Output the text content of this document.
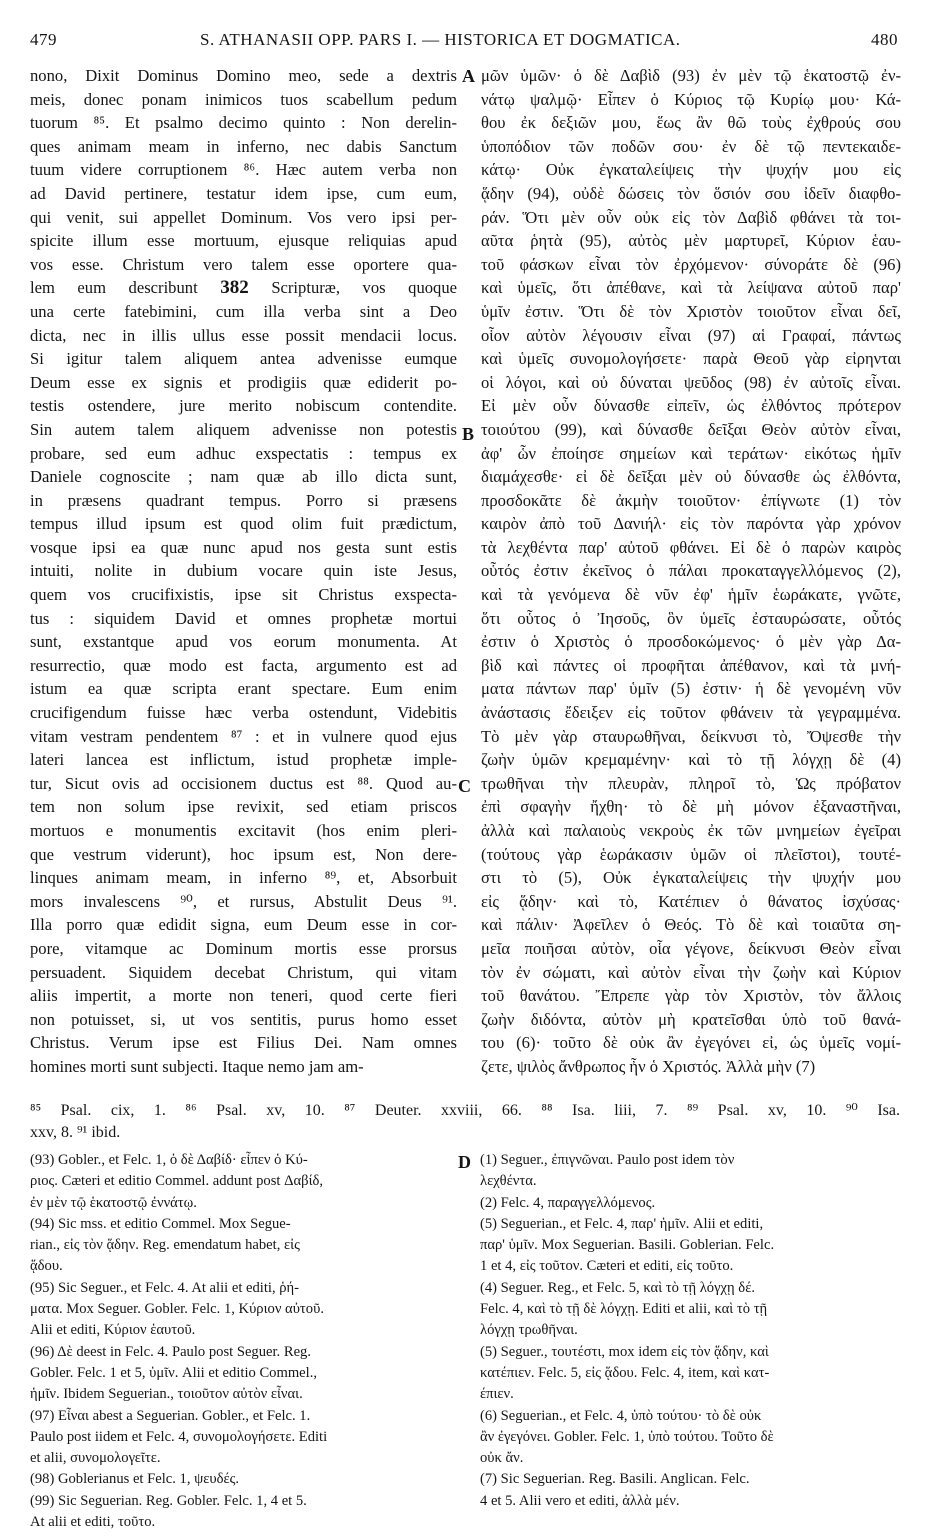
479	S. ATHANASII OPP. PARS I. — HISTORICA ET DOGMATICA.	480
nono, Dixit Dominus Domino meo, sede a dextris
meis, donec ponam inimicos tuos scabellum pedum
tuorum ⁸⁵. Et psalmo decimo quinto : Non derelin-
ques animam meam in inferno, nec dabis Sanctum
tuum videre corruptionem ⁸⁶. Hæc autem verba non
ad David pertinere, testatur idem ipse, cum eum,
qui venit, sui appellet Dominum. Vos vero ipsi per-
spicite illum esse mortuum, ejusque reliquias apud
vos esse. Christum vero talem esse oportere qua-
lem eum describunt 382 Scripturæ, vos quoque
una certe fatebimini, cum illa verba sint a Deo
dicta, nec in illis ullus esse possit mendacii locus.
Si igitur talem aliquem antea advenisse eumque
Deum esse ex signis et prodigiis quæ ediderit po-
testis ostendere, jure merito nobiscum contendite.
Sin autem talem aliquem advenisse non potestis
probare, sed eum adhuc exspectatis : tempus ex
Daniele cognoscite ; nam quæ ab illo dicta sunt,
in præsens quadrant tempus. Porro si præsens
tempus illud ipsum est quod olim fuit prædictum,
vosque ipsi ea quæ nunc apud nos gesta sunt estis
intuiti, nolite in dubium vocare quin iste Jesus,
quem vos crucifixistis, ipse sit Christus exspecta-
tus : siquidem David et omnes prophetæ mortui
sunt, exstantque apud vos eorum monumenta. At
resurrectio, quæ modo est facta, argumento est ad
istum ea quæ scripta erant spectare. Eum enim
crucifigendum fuisse hæc verba ostendunt, Videbitis
vitam vestram pendentem ⁸⁷ : et in vulnere quod ejus
lateri lancea est inflictum, istud prophetæ imple-
tur, Sicut ovis ad occisionem ductus est ⁸⁸. Quod au-
tem non solum ipse revixit, sed etiam priscos
mortuos e monumentis excitavit (hos enim pleri-
que vestrum viderunt), hoc ipsum est, Non dere-
linques animam meam, in inferno ⁸⁹, et, Absorbuit
mors invalescens ⁹⁰, et rursus, Abstulit Deus ⁹¹.
Illa porro quæ edidit signa, eum Deum esse in cor-
pore, vitamque ac Dominum mortis esse prorsus
persuadent. Siquidem decebat Christum, qui vitam
aliis impertit, a morte non teneri, quod certe fieri
non potuisset, si, ut vos sentitis, purus homo esset
Christus. Verum ipse est Filius Dei. Nam omnes
homines morti sunt subjecti. Itaque nemo jam am-
μῶν ὑμῶν· ὁ δὲ Δαβὶδ (93) ἐν μὲν τῷ ἑκατοστῷ ἐν-
νάτῳ ψαλμῷ· Εἶπεν ὁ Κύριος τῷ Κυρίῳ μου· Κά-
θου ἐκ δεξιῶν μου, ἕως ἂν θῶ τοὺς ἐχθρούς σου
ὑποπόδιον τῶν ποδῶν σου· ἐν δὲ τῷ πεντεκαιδε-
κάτῳ· Οὐκ ἐγκαταλείψεις τὴν ψυχήν μου εἰς
ᾅδην (94), οὐδὲ δώσεις τὸν ὅσιόν σου ἰδεῖν διαφθο-
ράν. Ὅτι μὲν οὖν οὐκ εἰς τὸν Δαβὶδ φθάνει τὰ τοι-
αῦτα ῥητὰ (95), αὐτὸς μὲν μαρτυρεῖ, Κύριον ἑαυ-
τοῦ φάσκων εἶναι τὸν ἐρχόμενον· σύνοράτε δὲ (96)
καὶ ὑμεῖς, ὅτι ἀπέθανε, καὶ τὰ λείψανα αὐτοῦ παρ'
ὑμῖν ἐστιν. Ὅτι δὲ τὸν Χριστὸν τοιοῦτον εἶναι δεῖ,
οἷον αὐτὸν λέγουσιν εἶναι (97) αἱ Γραφαί, πάντως
καὶ ὑμεῖς συνομολογήσετε· παρὰ Θεοῦ γὰρ εἰρηνται
οἱ λόγοι, καὶ οὐ δύναται ψεῦδος (98) ἐν αὐτοῖς εἶναι.
Εἰ μὲν οὖν δύνασθε εἰπεῖν, ὡς ἐλθόντος πρότερον
τοιούτου (99), καὶ δύνασθε δεῖξαι Θεὸν αὐτὸν εἶναι,
ἀφ' ὧν ἐποίησε σημείων καὶ τεράτων· εἰκότως ἡμῖν
διαμάχεσθε· εἰ δὲ δεῖξαι μὲν οὐ δύνασθε ὡς ἐλθόντα,
προσδοκᾶτε δὲ ἀκμὴν τοιοῦτον· ἐπίγνωτε (1) τὸν
καιρὸν ἀπὸ τοῦ Δανιήλ· εἰς τὸν παρόντα γὰρ χρόνον
τὰ λεχθέντα παρ' αὐτοῦ φθάνει. Εἰ δὲ ὁ παρὼν καιρὸς
οὗτός ἐστιν ἐκεῖνος ὁ πάλαι προκαταγγελλόμενος (2),
καὶ τὰ γενόμενα δὲ νῦν ἐφ' ἡμῖν ἑωράκατε, γνῶτε,
ὅτι οὗτος ὁ Ἰησοῦς, ὃν ὑμεῖς ἐσταυρώσατε, οὗτός
ἐστιν ὁ Χριστὸς ὁ προσδοκώμενος· ὁ μὲν γὰρ Δα-
βὶδ καὶ πάντες οἱ προφῆται ἀπέθανον, καὶ τὰ μνή-
ματα πάντων παρ' ὑμῖν (5) ἐστιν· ἡ δὲ γενομένη νῦν
ἀνάστασις ἔδειξεν εἰς τοῦτον φθάνειν τὰ γεγραμμένα.
Τὸ μὲν γὰρ σταυρωθῆναι, δείκνυσι τὸ, Ὄψεσθε τὴν
ζωὴν ὑμῶν κρεμαμένην· καὶ τὸ τῇ λόγχῃ δὲ (4)
τρωθῆναι τὴν πλευρὰν, πληροῖ τὸ, Ὡς πρόβατον
ἐπὶ σφαγὴν ἤχθη· τὸ δὲ μὴ μόνον ἐξαναστῆναι,
ἀλλὰ καὶ παλαιοὺς νεκροὺς ἐκ τῶν μνημείων ἐγεῖραι
(τούτους γὰρ ἑωράκασιν ὑμῶν οἱ πλεῖστοι), τουτέ-
στι τὸ (5), Οὐκ ἐγκαταλείψεις τὴν ψυχήν μου
εἰς ᾅδην· καὶ τὸ, Κατέπιεν ὁ θάνατος ἰσχύσας·
καὶ πάλιν· Ἀφεῖλεν ὁ Θεός. Τὸ δὲ καὶ τοιαῦτα ση-
μεῖα ποιῆσαι αὐτὸν, οἷα γέγονε, δείκνυσι Θεὸν εἶναι
τὸν ἐν σώματι, καὶ αὐτὸν εἶναι τὴν ζωὴν καὶ Κύριον
τοῦ θανάτου. Ἔπρεπε γὰρ τὸν Χριστὸν, τὸν ἄλλοις
ζωὴν διδόντα, αὐτὸν μὴ κρατεῖσθαι ὑπὸ τοῦ θανά-
του (6)· τοῦτο δὲ οὐκ ἂν ἐγεγόνει εἰ, ὡς ὑμεῖς νομί-
ζετε, ψιλὸς ἄνθρωπος ἦν ὁ Χριστός. Ἀλλὰ μὴν (7)
A
B
C
D
⁸⁵ Psal. cix, 1. ⁸⁶ Psal. xv, 10. ⁸⁷ Deuter. xxviii, 66. ⁸⁸ Isa. liii, 7. ⁸⁹ Psal. xv, 10. ⁹⁰ Isa.
xxv, 8. ⁹¹ ibid.
(93) Gobler., et Felc. 1, ὁ δὲ Δαβίδ· εἶπεν ὁ Κύ-
ριος. Cæteri et editio Commel. addunt post Δαβίδ,
ἐν μὲν τῷ ἑκατοστῷ ἐννάτῳ.
(94) Sic mss. et editio Commel. Mox Segue-
rian., εἰς τὸν ᾅδην. Reg. emendatum habet, εἰς
ᾅδου.
(95) Sic Seguer., et Felc. 4. At alii et editi, ῥή-
ματα. Mox Seguer. Gobler. Felc. 1, Κύριον αὐτοῦ.
Alii et editi, Κύριον ἑαυτοῦ.
(96) Δὲ deest in Felc. 4. Paulo post Seguer. Reg.
Gobler. Felc. 1 et 5, ὑμῖν. Alii et editio Commel.,
ἡμῖν. Ibidem Seguerian., τοιοῦτον αὐτὸν εἶναι.
(97) Εἶναι abest a Seguerian. Gobler., et Felc. 1.
Paulo post iidem et Felc. 4, συνομολογήσετε. Editi
et alii, συνομολογεῖτε.
(98) Goblerianus et Felc. 1, ψευδές.
(99) Sic Seguerian. Reg. Gobler. Felc. 1, 4 et 5.
At alii et editi, τοῦτο.
(1) Seguer., ἐπιγνῶναι. Paulo post idem τὸν
λεχθέντα.
(2) Felc. 4, παραγγελλόμενος.
(5) Seguerian., et Felc. 4, παρ' ἡμῖν. Alii et editi,
παρ' ὑμῖν. Mox Seguerian. Basili. Goblerian. Felc.
1 et 4, εἰς τοῦτον. Cæteri et editi, εἰς τοῦτο.
(4) Seguer. Reg., et Felc. 5, καὶ τὸ τῇ λόγχῃ δέ.
Felc. 4, καὶ τὸ τῇ δὲ λόγχῃ. Editi et alii, καὶ τὸ τῇ
λόγχῃ τρωθῆναι.
(5) Seguer., τουτέστι, mox idem εἰς τὸν ᾅδην, καὶ
κατέπιεν. Felc. 5, εἰς ᾅδου. Felc. 4, item, καὶ κατ-
έπιεν.
(6) Seguerian., et Felc. 4, ὑπὸ τούτου· τὸ δὲ οὐκ
ἂν ἐγεγόνει. Gobler. Felc. 1, ὑπὸ τούτου. Τοῦτο δὲ
οὐκ ἄν.
(7) Sic Seguerian. Reg. Basili. Anglican. Felc.
4 et 5. Alii vero et editi, ἀλλὰ μέν.
